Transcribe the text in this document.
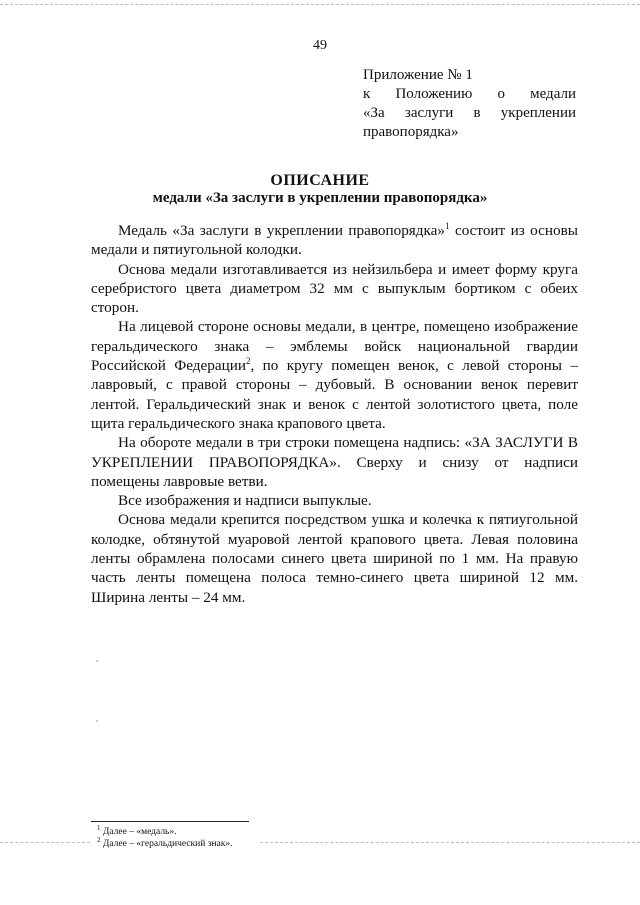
49
Приложение № 1
к Положению о медали
«За заслуги в укреплении
правопорядка»
ОПИСАНИЕ
медали «За заслуги в укреплении правопорядка»

Медаль «За заслуги в укреплении правопорядка»$^1$ состоит из основы медали и пятиугольной колодки.

Основа медали изготавливается из нейзильбера и имеет форму круга серебристого цвета диаметром 32 мм с выпуклым бортиком с обеих сторон.

На лицевой стороне основы медали, в центре, помещено изображение геральдического знака – эмблемы войск национальной гвардии Российской Федерации$^2$, по кругу помещен венок, с левой стороны – лавровый, с правой стороны – дубовый. В основании венок перевит лентой. Геральдический знак и венок с лентой золотистого цвета, поле щита геральдического знака крапового цвета.

На обороте медали в три строки помещена надпись: «ЗА ЗАСЛУГИ В УКРЕПЛЕНИИ ПРАВОПОРЯДКА». Сверху и снизу от надписи помещены лавровые ветви.

Все изображения и надписи выпуклые.

Основа медали крепится посредством ушка и колечка к пятиугольной колодке, обтянутой муаровой лентой крапового цвета. Левая половина ленты обрамлена полосами синего цвета шириной по 1 мм. На правую часть ленты помещена полоса темно-синего цвета шириной 12 мм. Ширина ленты – 24 мм.

$^1$ Далее – «медаль».
$^2$ Далее – «геральдический знак».
